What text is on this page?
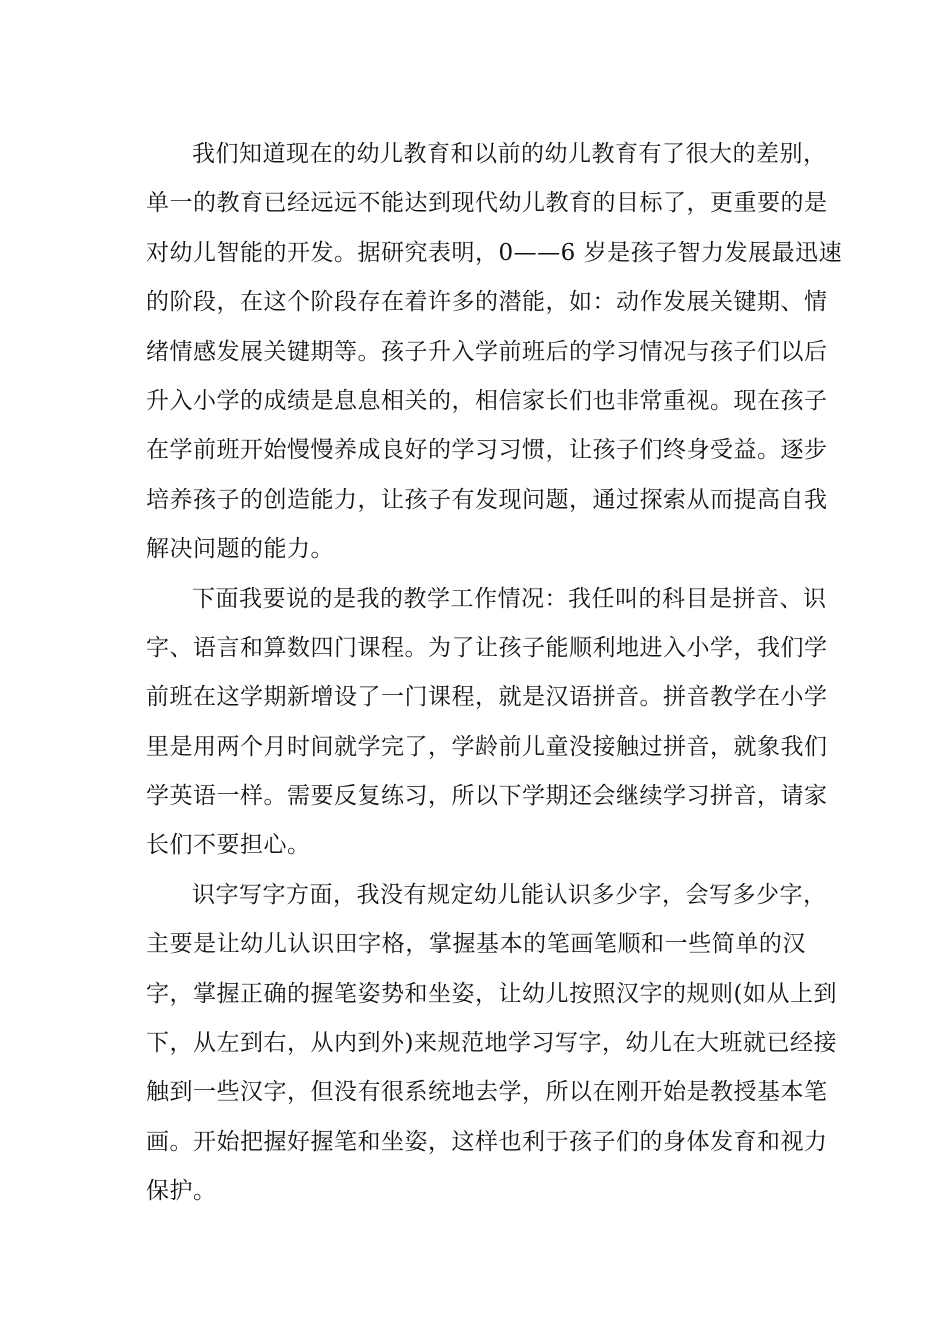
我们知道现在的幼儿教育和以前的幼儿教育有了很大的差别，
单一的教育已经远远不能达到现代幼儿教育的目标了，更重要的是
对幼儿智能的开发。据研究表明，0——6 岁是孩子智力发展最迅速
的阶段，在这个阶段存在着许多的潜能，如：动作发展关键期、情
绪情感发展关键期等。孩子升入学前班后的学习情况与孩子们以后
升入小学的成绩是息息相关的，相信家长们也非常重视。现在孩子
在学前班开始慢慢养成良好的学习习惯，让孩子们终身受益。逐步
培养孩子的创造能力，让孩子有发现问题，通过探索从而提高自我
解决问题的能力。
下面我要说的是我的教学工作情况：我任叫的科目是拼音、识
字、语言和算数四门课程。为了让孩子能顺利地进入小学，我们学
前班在这学期新增设了一门课程，就是汉语拼音。拼音教学在小学
里是用两个月时间就学完了，学龄前儿童没接触过拼音，就象我们
学英语一样。需要反复练习，所以下学期还会继续学习拼音，请家
长们不要担心。
识字写字方面，我没有规定幼儿能认识多少字，会写多少字，
主要是让幼儿认识田字格，掌握基本的笔画笔顺和一些简单的汉
字，掌握正确的握笔姿势和坐姿，让幼儿按照汉字的规则(如从上到
下，从左到右，从内到外)来规范地学习写字，幼儿在大班就已经接
触到一些汉字，但没有很系统地去学，所以在刚开始是教授基本笔
画。开始把握好握笔和坐姿，这样也利于孩子们的身体发育和视力
保护。
